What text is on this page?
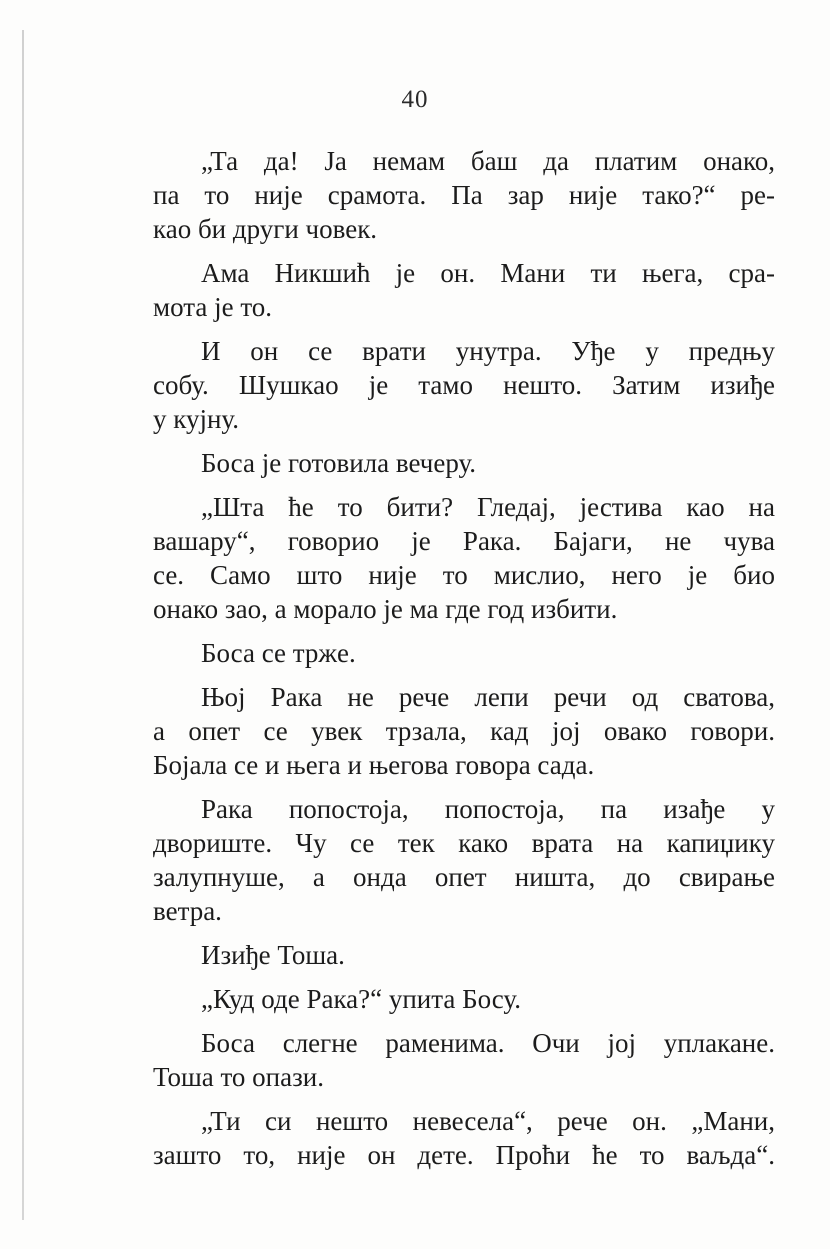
40

„Та да! Ја немам баш да платим онако,
па то није срамота. Па зар није тако?“ ре-
као би други човек.

Ама Никшић је он. Мани ти њега, сра-
мота је то.

И он се врати унутра. Уђе у предњу
собу. Шушкао је тамо нешто. Затим изиђе
у кујну.

Боса је готовила вечеру.

„Шта ће то бити? Гледај, јестива као на
вашару“, говорио је Рака. Бајаги, не чува
се. Само што није то мислио, него је био
онако зао, а морало је ма где год избити.

Боса се тржe.

Њој Рака не рече лепи речи од сватова,
а опет се увек трзала, кад јој овако говори.
Бојала се и њега и његова говора сада.

Рака попостоја, попостоја, па изађе у
двориште. Чу се тек како врата на капиџику
залупнуше, а онда опет ништа, до свирање
ветра.

Изиђе Тоша.

„Куд оде Рака?“ упита Босу.

Боса слегне раменима. Очи јој уплакане.
Тоша то опази.

„Ти си нешто невесела“, рече он. „Мани,
зашто то, није он дете. Проћи ће то ваљда“.
